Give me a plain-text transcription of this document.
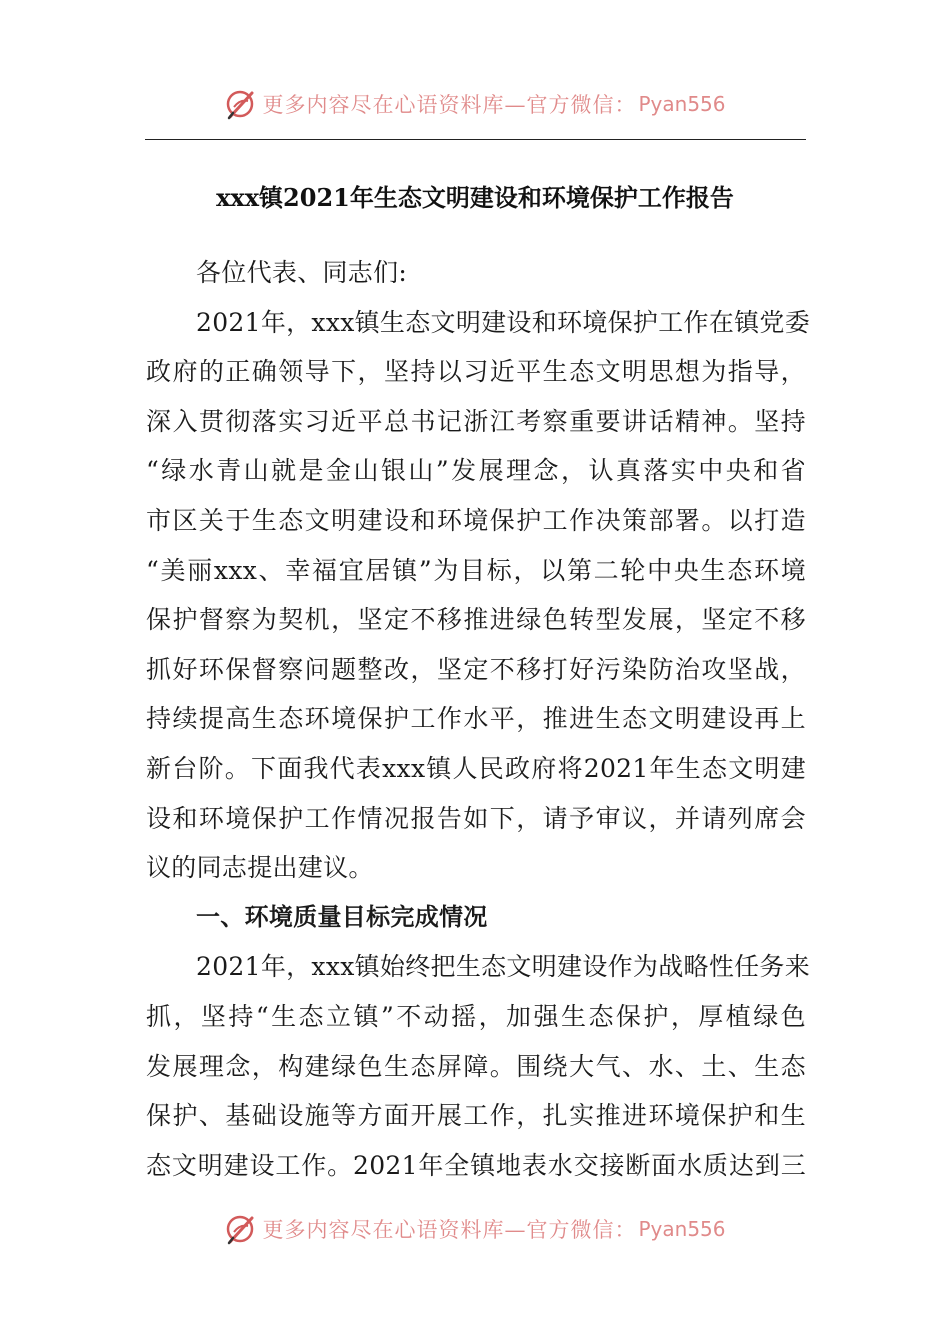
更多内容尽在心语资料库—官方微信： Pyan556
xxx镇2021年生态文明建设和环境保护工作报告
各位代表、同志们:
2021年，xxx镇生态文明建设和环境保护工作在镇党委
政府的正确领导下，坚持以习近平生态文明思想为指导，
深入贯彻落实习近平总书记浙江考察重要讲话精神。坚持
“绿水青山就是金山银山”发展理念，认真落实中央和省
市区关于生态文明建设和环境保护工作决策部署。以打造
“美丽xxx、幸福宜居镇”为目标，以第二轮中央生态环境
保护督察为契机，坚定不移推进绿色转型发展，坚定不移
抓好环保督察问题整改，坚定不移打好污染防治攻坚战，
持续提高生态环境保护工作水平，推进生态文明建设再上
新台阶。下面我代表xxx镇人民政府将2021年生态文明建
设和环境保护工作情况报告如下，请予审议，并请列席会
议的同志提出建议。
一、环境质量目标完成情况
2021年，xxx镇始终把生态文明建设作为战略性任务来
抓，坚持“生态立镇”不动摇，加强生态保护，厚植绿色
发展理念，构建绿色生态屏障。围绕大气、水、土、生态
保护、基础设施等方面开展工作，扎实推进环境保护和生
态文明建设工作。2021年全镇地表水交接断面水质达到三
更多内容尽在心语资料库—官方微信： Pyan556
